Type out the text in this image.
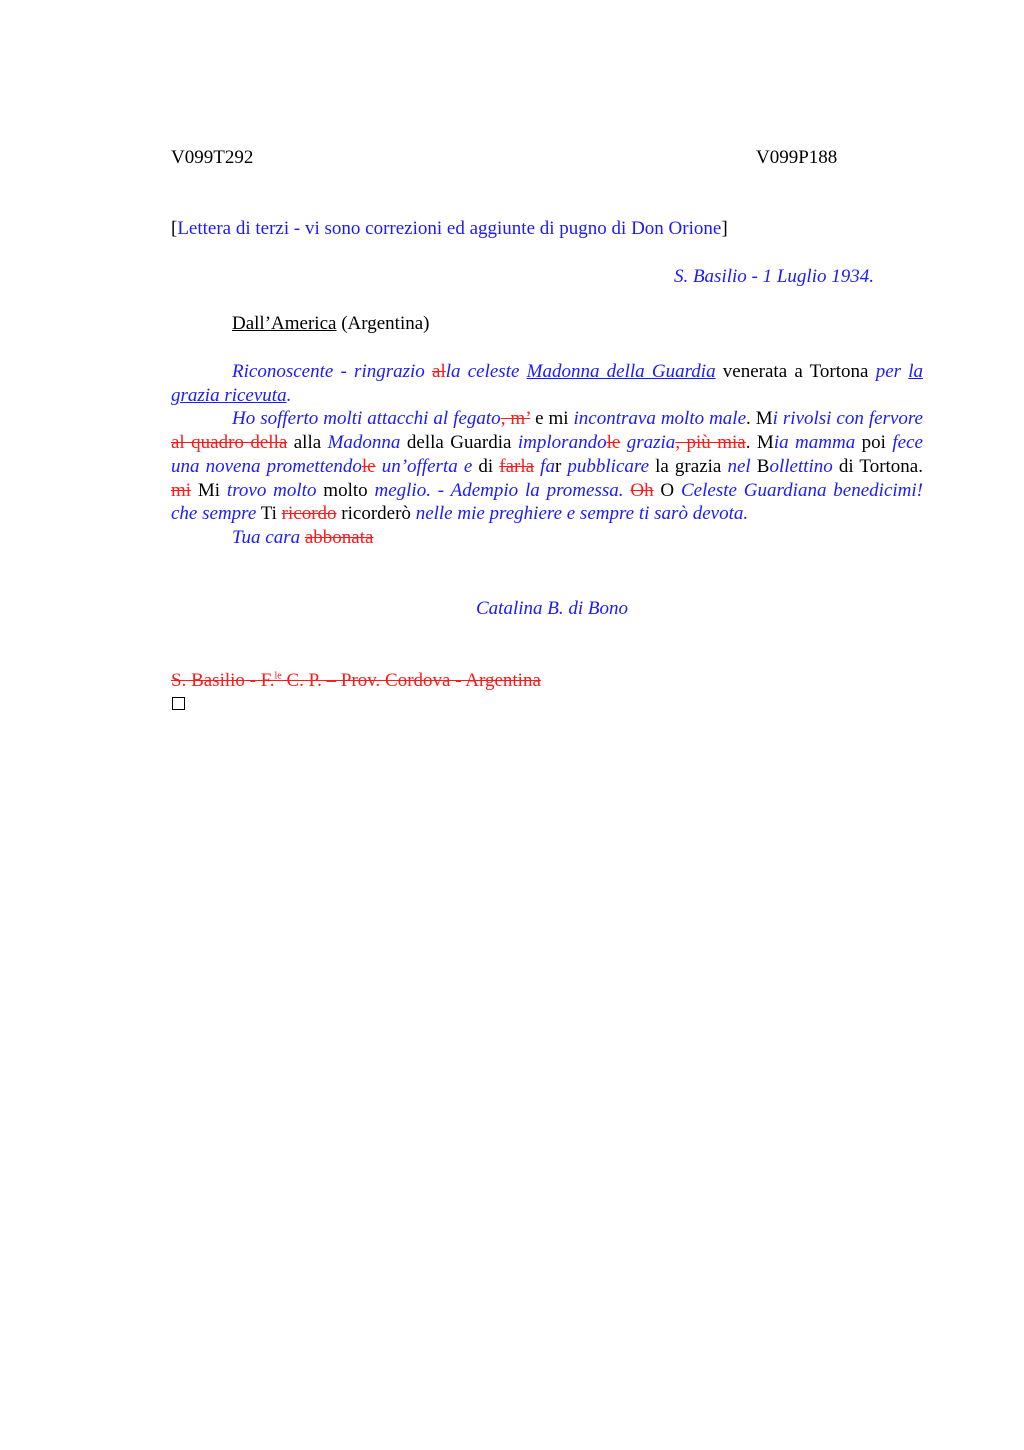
V099T292	V099P188
[Lettera di terzi - vi sono correzioni ed aggiunte di pugno di Don Orione]
S. Basilio - 1 Luglio 1934.
Dall’America (Argentina)

Riconoscente - ringrazio alla celeste Madonna della Guardia venerata a Tortona per la grazia ricevuta.

Ho sofferto molti attacchi al fegato, m’ e mi incontrava molto male. Mi rivolsi con fervore al quadro della alla Madonna della Guardia implorandole grazia, più mia. Mia mamma poi fece una novena promettendole un’offerta e di farla far pubblicare la grazia nel Bollettino di Tortona. mi Mi trovo molto molto meglio. - Adempio la promessa. Oh O Celeste Guardiana benedicimi! che sempre Ti ricordo ricorderò nelle mie preghiere e sempre ti sarò devota.

Tua cara abbonata

Catalina B. di Bono
S. Basilio - F.$^{le}$ C. P. – Prov. Cordova - Argentina
